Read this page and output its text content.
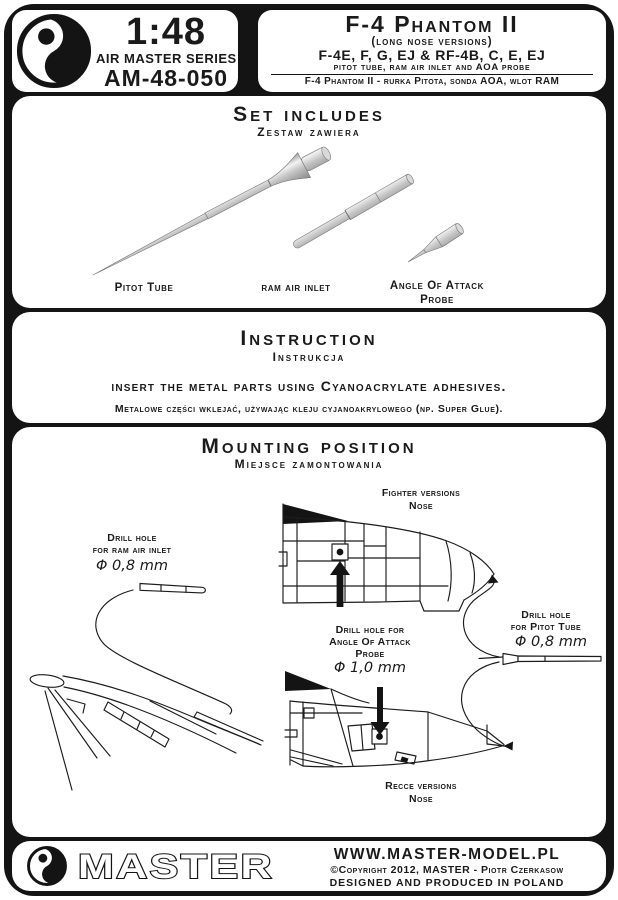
1:48
AIR MASTER SERIES
AM-48-050
F-4 Phantom II
(long nose versions)
F-4E, F, G, EJ & RF-4B, C, E, EJ
pitot tube, ram air inlet and AOA probe
F-4 Phantom II - rurka Pitota, sonda AOA, wlot RAM
Set includes
Zestaw zawiera
Pitot Tube	ram air inlet	Angle Of Attack
Probe
Instruction
Instrukcja
insert the metal parts using Cyanoacrylate adhesives.
Metalowe części wklejać, używając kleju cyjanoakrylowego (np. Super Glue).
Mounting position
Miejsce zamontowania
Fighter versions
Nose
Drill hole
for ram air inlet
Φ 0,8 mm
Drill hole for
Angle Of Attack
Probe
Φ 1,0 mm
Drill hole
for Pitot Tube
Φ 0,8 mm
Recce versions
Nose
MASTER	WWW.MASTER-MODEL.PL
©Copyright 2012, MASTER - Piotr Czerkasow
DESIGNED AND PRODUCED IN POLAND
